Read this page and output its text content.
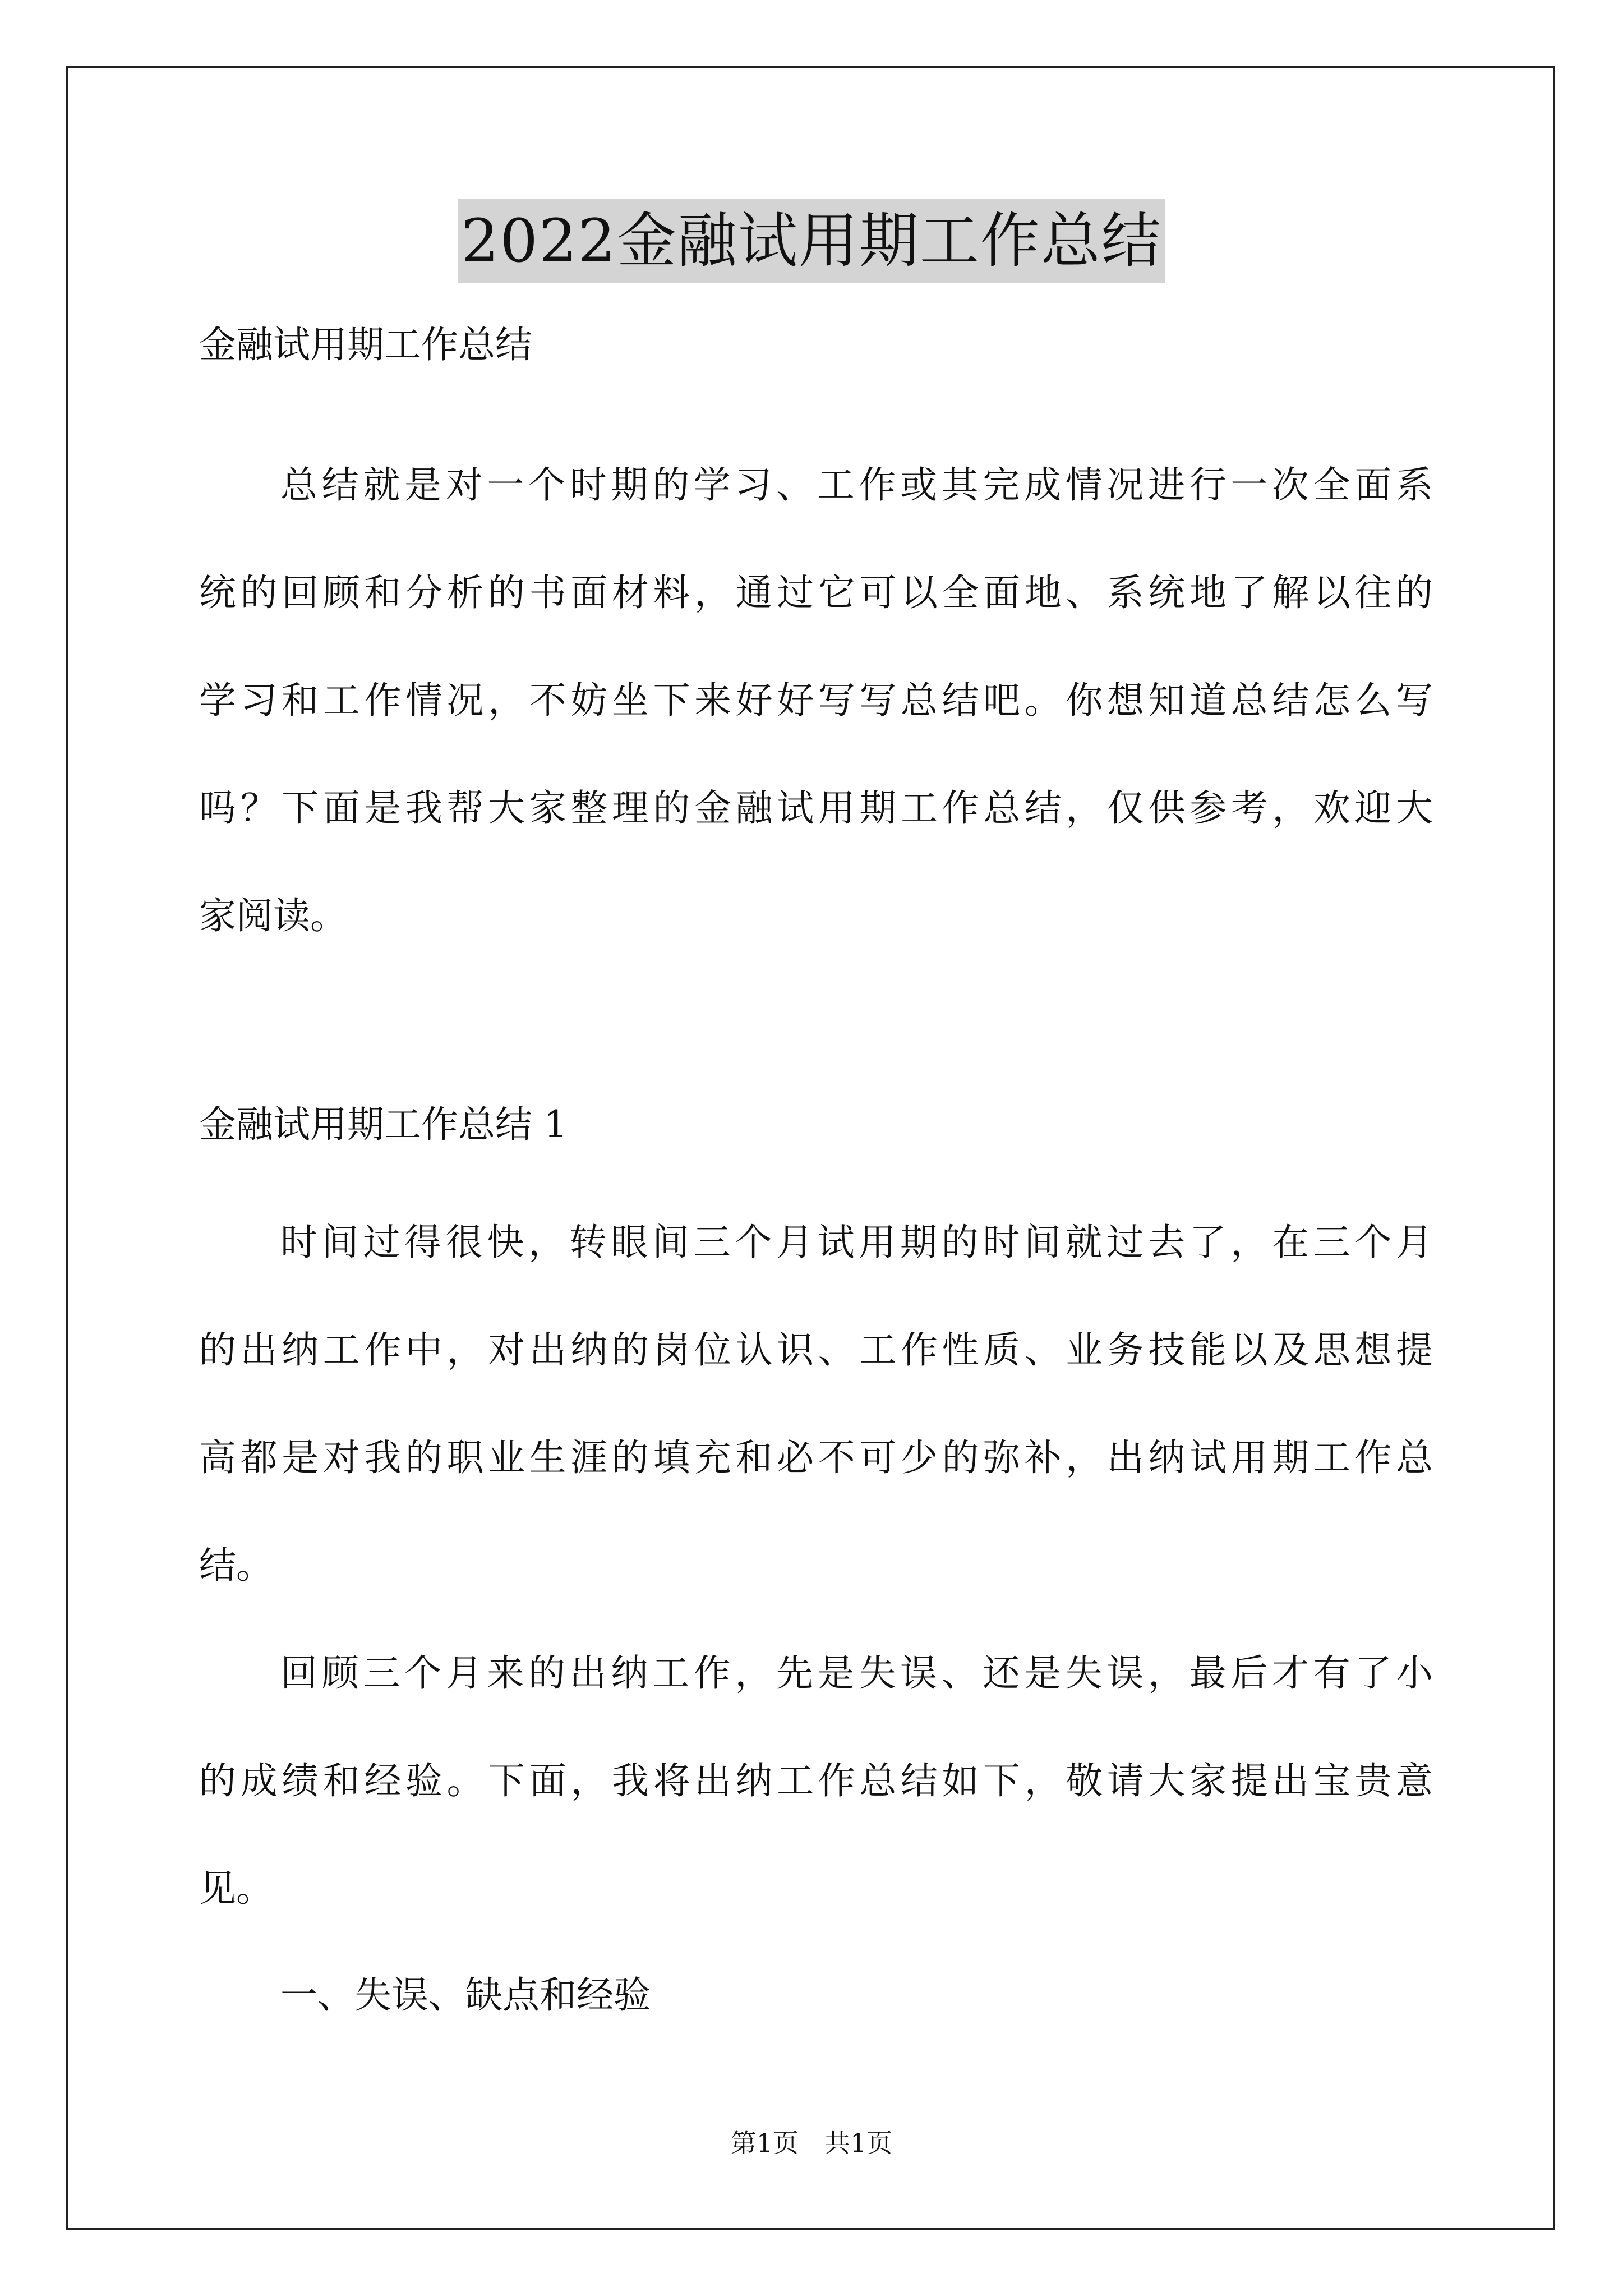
2022金融试用期工作总结

金融试用期工作总结

总结就是对一个时期的学习、工作或其完成情况进行一次全面系

统的回顾和分析的书面材料，通过它可以全面地、系统地了解以往的

学习和工作情况，不妨坐下来好好写写总结吧。你想知道总结怎么写

吗？下面是我帮大家整理的金融试用期工作总结，仅供参考，欢迎大

家阅读。

金融试用期工作总结 1

时间过得很快，转眼间三个月试用期的时间就过去了，在三个月

的出纳工作中，对出纳的岗位认识、工作性质、业务技能以及思想提

高都是对我的职业生涯的填充和必不可少的弥补，出纳试用期工作总

结。

回顾三个月来的出纳工作，先是失误、还是失误，最后才有了小

的成绩和经验。下面，我将出纳工作总结如下，敬请大家提出宝贵意

见。

一、失误、缺点和经验

第1页　共1页
